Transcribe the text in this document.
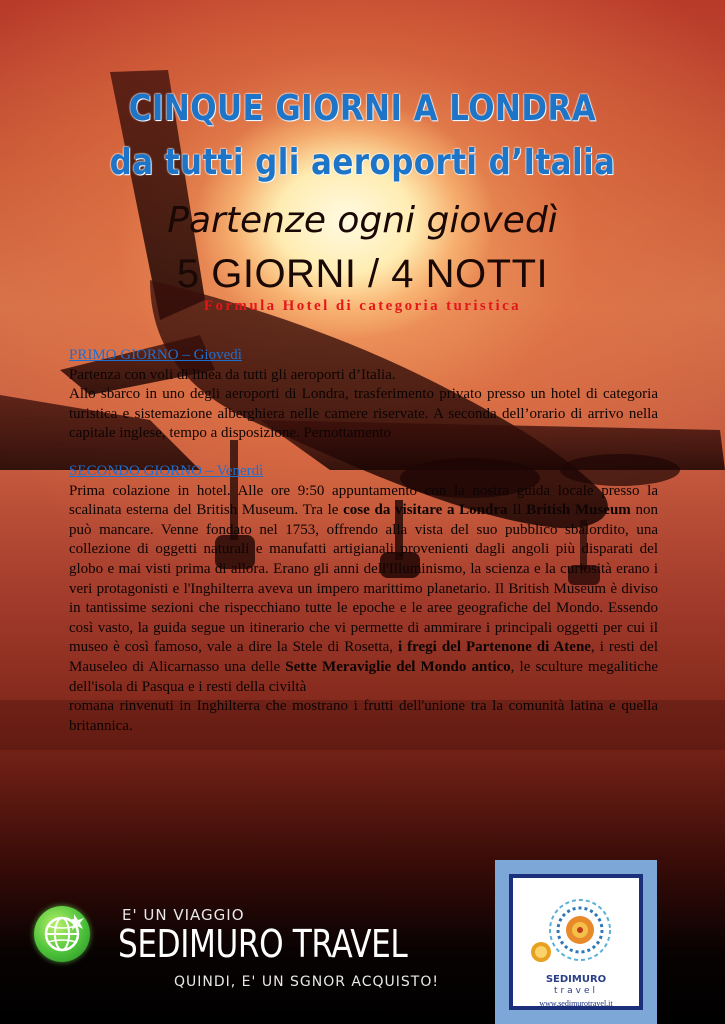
CINQUE GIORNI A LONDRA
da tutti gli aeroporti d’Italia
Partenze ogni giovedì
5 GIORNI / 4 NOTTI
Formula Hotel di categoria turistica

PRIMO GIORNO – Giovedì

Partenza con voli di linea da tutti gli aeroporti d’Italia.

Allo sbarco in uno degli aeroporti di Londra, trasferimento privato presso un hotel di categoria turistica e sistemazione alberghiera nelle camere riservate. A seconda dell’orario di arrivo nella capitale inglese, tempo a disposizione. Pernottamento

SECONDO GIORNO – Venerdì

Prima colazione in hotel. Alle ore 9:50 appuntamento con la nostra guida locale presso la scalinata esterna del British Museum. Tra le cose da visitare a Londra Il British Museum non può mancare. Venne fondato nel 1753, offrendo alla vista del suo pubblico sbalordito, una collezione di oggetti naturali e manufatti artigianali provenienti dagli angoli più disparati del globo e mai visti prima di allora. Erano gli anni dell'Illuminismo, la scienza e la curiosità erano i veri protagonisti e l'Inghilterra aveva un impero marittimo planetario. Il British Museum è diviso in tantissime sezioni che rispecchiano tutte le epoche e le aree geografiche del Mondo. Essendo così vasto, la guida segue un itinerario che vi permette di ammirare i principali oggetti per cui il museo è così famoso, vale a dire la Stele di Rosetta, i fregi del Partenone di Atene, i resti del Mauseleo di Alicarnasso una delle Sette Meraviglie del Mondo antico, le sculture megalitiche dell'isola di Pasqua e i resti della civiltà

romana rinvenuti in Inghilterra che mostrano i frutti dell'unione tra la comunità latina e quella britannica.

E' UN VIAGGIO
SEDIMURO TRAVEL
QUINDI, E' UN SGNOR ACQUISTO!	SEDIMURO
travel
www.sedimurotravel.it
